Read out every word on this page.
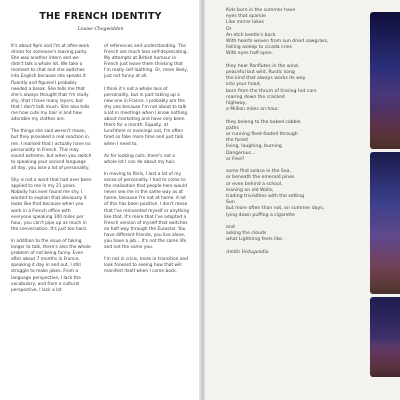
THE FRENCH IDENTITY
Louise Chegwidden

It's about 9pm and I'm at after-work drinks for someone's leaving party. She was another intern and we didn't talk a whole lot. We take a moment to chat and she switches into English because she speaks it fluently and figured I probably needed a break. She tells me that she's always thought that I'm really shy, that I have many layers, but that I don't talk much. She also tells me how cute my hair is and how adorable my clothes are.

The things she said weren't mean, but they provoked a real reaction in me. I realised that I actually have no personality in French. This may sound extreme, but when you switch to speaking your second language all day, you lose a lot of personality.

Shy is not a word that had ever been applied to me in my 21 years. Nobody has ever found me shy. I wanted to explain that obviously it looks like that because when you work in a French office with everyone speaking 100 miles per hour, you can't pipe up as much in the conversation. It's just too hard.

In addition to the issue of taking longer to talk, there's also the whole problem of not being funny. Even after about 7 months in France, speaking it day in and out, I still struggle to make jokes. From a language perspective, I lack the vocabulary, and from a cultural perspective, I lack a lot

of references and understanding. The French are much less self-deprecating. My attempts at British humour in French just leave them thinking that I'm really self loathing. Or, more likely, just not funny at all.

I think it's not a whole loss of personality, but in part taking up a new one in France. I probably am the shy one because I'm not about to talk a lot in meetings when I know nothing about marketing and have only been there for a month. Equally, at lunchtime or evenings out, I'm often tired so fake more time and just talk when I need to.

As for looking cute, there's not a whole lot I can do about my hair.

In moving to Paris, I lost a lot of my sense of personality. I had to come to the realisation that people here would never see me in the same way as at home, because I'm not at home. A lot of this has been positive. I don't mean that I've reinvented myself or anything like that. It's more that I've adopted a French version of myself that switches on half way through the Eurostar. You have different friends, you live alone, you have a job... it's not the same life and not the same you.

I'm not in crisis, more in transition and look forward to seeing how that will manifest itself when I come back.

Kids born in the summer have
eyes that sparkle
Like mirror lakes
Or
An etch beetle's back
With hearts woven from sun dried sawgrass,
Falling asleep to cicada cries
With eyes half-open.

they hear Panflutes in the wind,
peaceful but wild, Rustic song
the kind that always works its way
into your head,
born from the thrum of hissing hot cars
roaring down the cracked
highway,
a Million miles an hour.

they belong to the baked cobble
paths
or running fleet-footed through
the forest
living, laughing, burning
Dangerous....
or Free?

some find solace in the Sea,
or beneath the emerald pines
or even behind a school,
leaning on old Walls,
trading trivialities with the setting
Sun
but more often than not, on summer days,
lying down puffing a cigarette

and
asking the clouds
what Lightning feels like.

Amith Vedugandla
